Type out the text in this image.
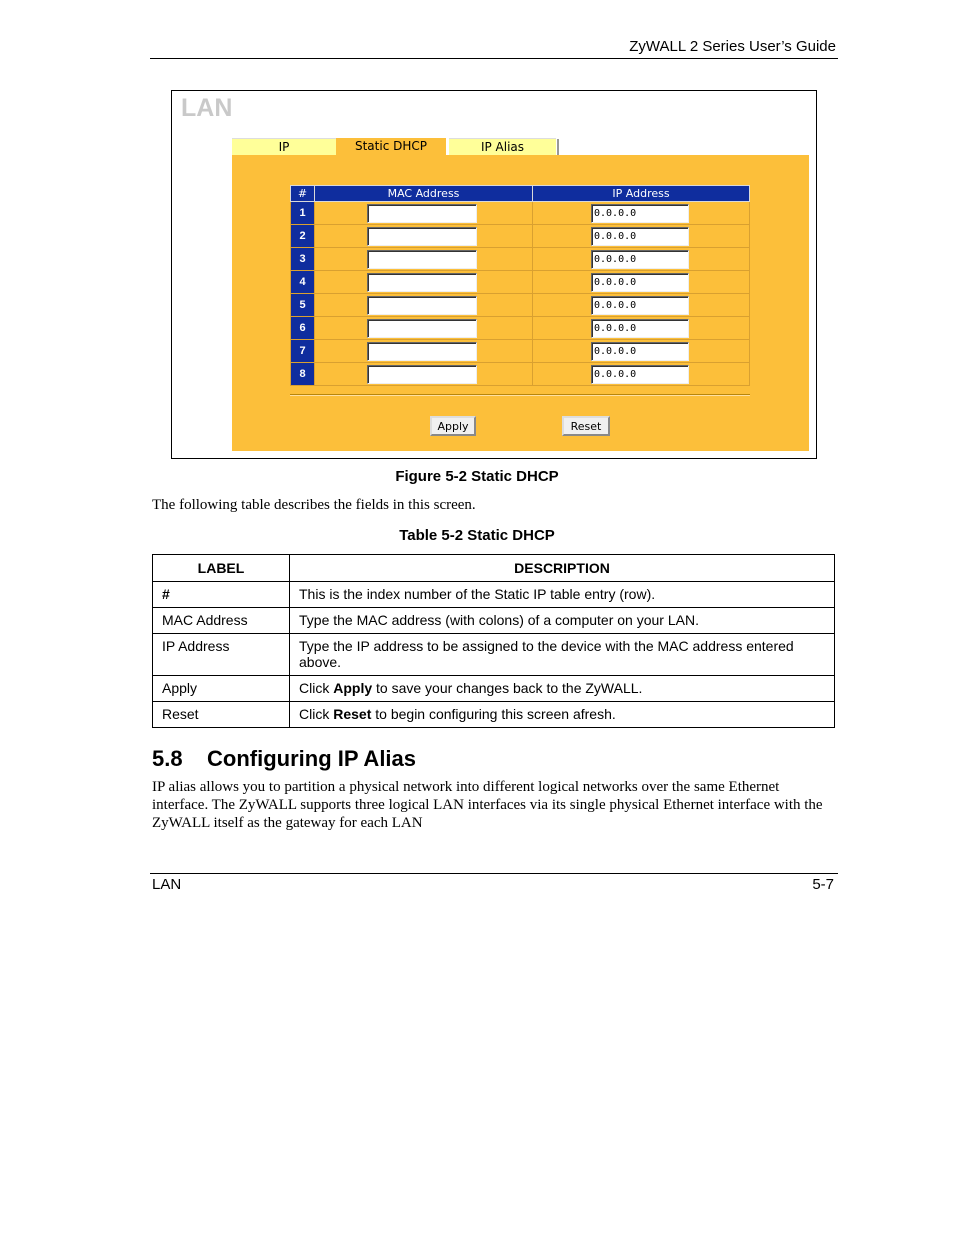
ZyWALL 2 Series User’s Guide
LAN
IP	Static DHCP	IP Alias
#	MAC Address	IP Address
1		0.0.0.0

2		0.0.0.0

3		0.0.0.0

4		0.0.0.0

5		0.0.0.0

6		0.0.0.0

7		0.0.0.0

8		0.0.0.0
Apply	Reset
Figure 5-2 Static DHCP
The following table describes the fields in this screen.
Table 5-2 Static DHCP
LABEL	DESCRIPTION
#	This is the index number of the Static IP table entry (row).
MAC Address	Type the MAC address (with colons) of a computer on your LAN.
IP Address	Type the IP address to be assigned to the device with the MAC address entered above.
Apply	Click Apply to save your changes back to the ZyWALL.
Reset	Click Reset to begin configuring this screen afresh.
5.8 Configuring IP Alias
IP alias allows you to partition a physical network into different logical networks over the same Ethernet interface. The ZyWALL supports three logical LAN interfaces via its single physical Ethernet interface with the ZyWALL itself as the gateway for each LAN
LAN	5-7
